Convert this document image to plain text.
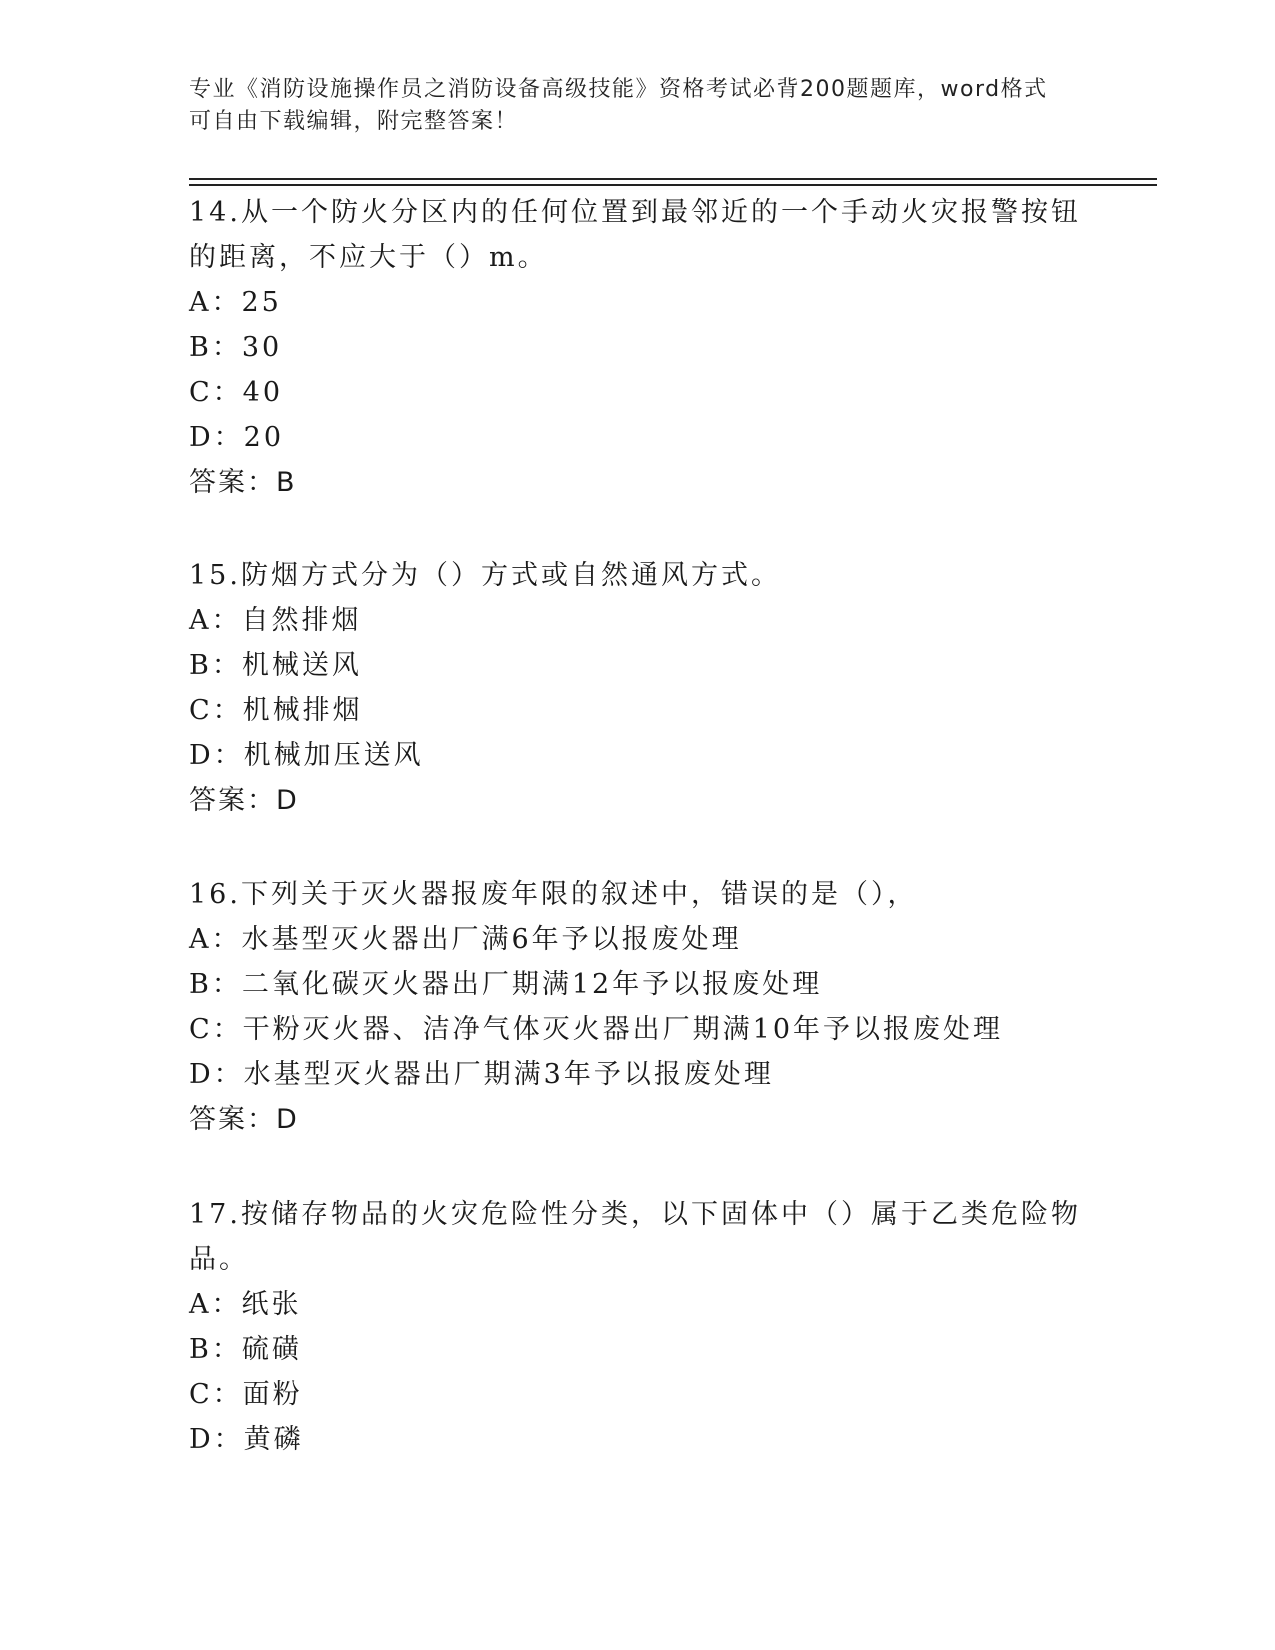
专业《消防设施操作员之消防设备高级技能》资格考试必背200题题库，word格式可自由下载编辑，附完整答案！

14.从一个防火分区内的任何位置到最邻近的一个手动火灾报警按钮的距离，不应大于（）m。

A：25

B：30

C：40

D：20

答案：B

15.防烟方式分为（）方式或自然通风方式。

A：自然排烟

B：机械送风

C：机械排烟

D：机械加压送风

答案：D

16.下列关于灭火器报废年限的叙述中，错误的是（），

A：水基型灭火器出厂满6年予以报废处理

B：二氧化碳灭火器出厂期满12年予以报废处理

C：干粉灭火器、洁净气体灭火器出厂期满10年予以报废处理

D：水基型灭火器出厂期满3年予以报废处理

答案：D

17.按储存物品的火灾危险性分类，以下固体中（）属于乙类危险物品。

A：纸张

B：硫磺

C：面粉

D：黄磷
